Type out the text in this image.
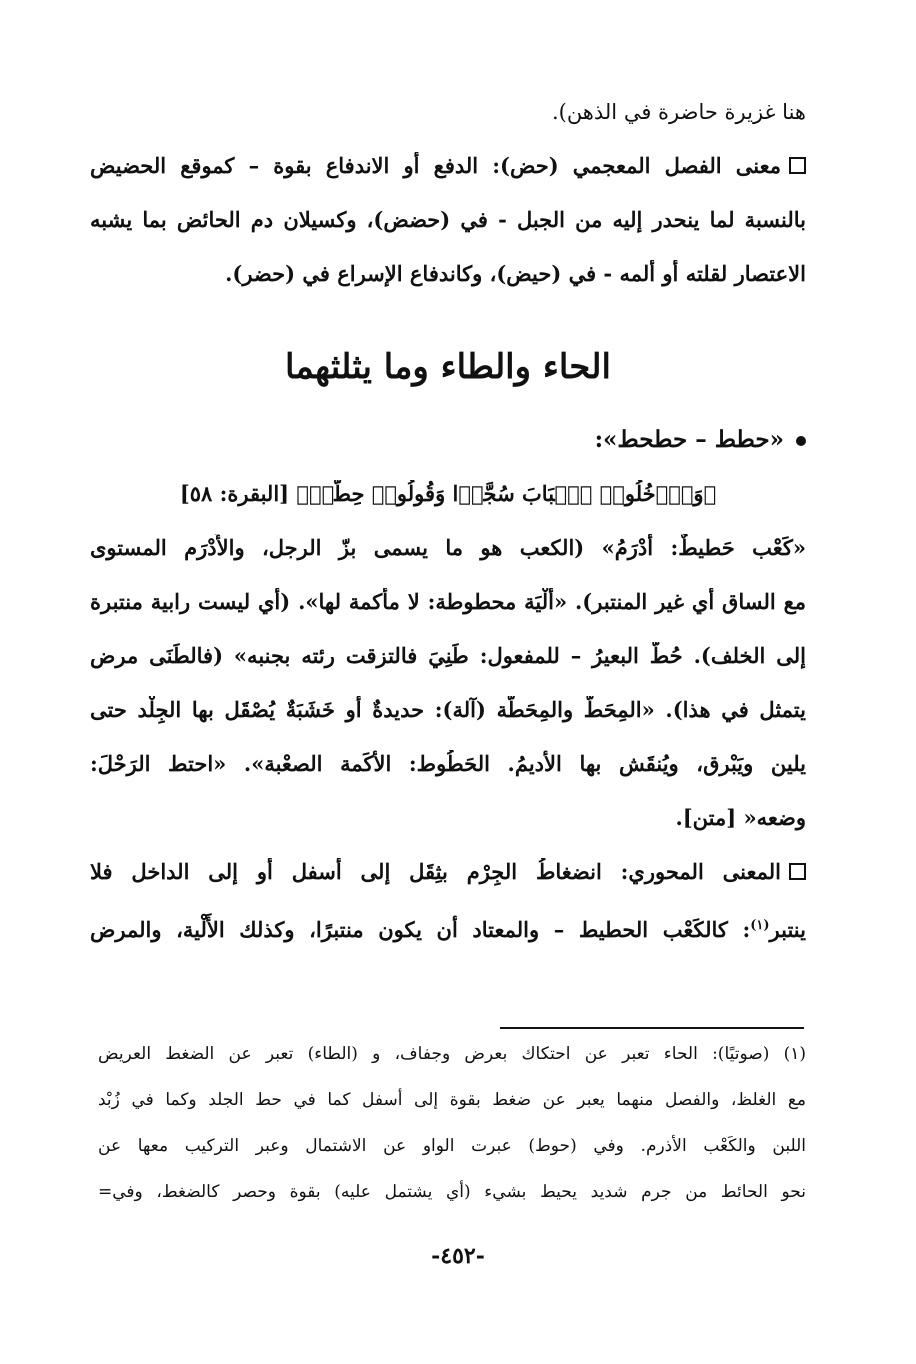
هنا غزيرة حاضرة في الذهن).

معنى الفصل المعجمي (حض): الدفع أو الاندفاع بقوة – كموقع الحضيض

بالنسبة لما ينحدر إليه من الجبل - في (حضض)، وكسيلان دم الحائض بما يشبه

الاعتصار لقلته أو ألمه - في (حيض)، وكاندفاع الإسراع في (حضر).

الحاء والطاء وما يثلثهما

«حطط – حطحط»:

﴿وَٱدۡخُلُوا۟ ٱلۡبَابَ سُجَّدࣰا وَقُولُوا۟ حِطَّةࣱ﴾ [البقرة: ٥٨]

«كَعْب حَطيطٌ: أَدْرَمُ» (الكعب هو ما يسمى بزّ الرجل، والأَدْرَم المستوى

مع الساق أي غير المنتبر). «أَلْيَة محطوطة: لا مأكمة لها». (أي ليست رابية منتبرة

إلى الخلف). حُطّ البعيرُ – للمفعول: طَنِيَ فالتزقت رئته بجنبه» (فالطَنَى مرض

يتمثل في هذا). «المِحَطّ والمِحَطّة (آلة): حديدةٌ أو خَشَبَةٌ يُصْقَل بها الجِلْد حتى

يلين ويَبْرق، ويُنقَش بها الأديمُ. الحَطُوط: الأكَمة الصعْبة». «احتط الرَحْلَ:

وضعه« [متن].

المعنى المحوري: انضغاطُ الجِرْم بثِقَل إلى أسفل أو إلى الداخل فلا

ينتبر$^{(١)}$: كالكَعْب الحطيط – والمعتاد أن يكون منتبرًا، وكذلك الأَلْية، والمرض

(١) (صوتيًا): الحاء تعبر عن احتكاك بعرض وجفاف، و (الطاء) تعبر عن الضغط العريض

مع الغلظ، والفصل منهما يعبر عن ضغط بقوة إلى أسفل كما في حط الجلد وكما في زُبْد

اللبن والكَعْب الأَذرم. وفي (حوط) عبرت الواو عن الاشتمال وعبر التركيب معها عن

نحو الحائط من جرم شديد يحيط بشيء (أي يشتمل عليه) بقوة وحصر كالضغط، وفي=

-٤٥٢-
